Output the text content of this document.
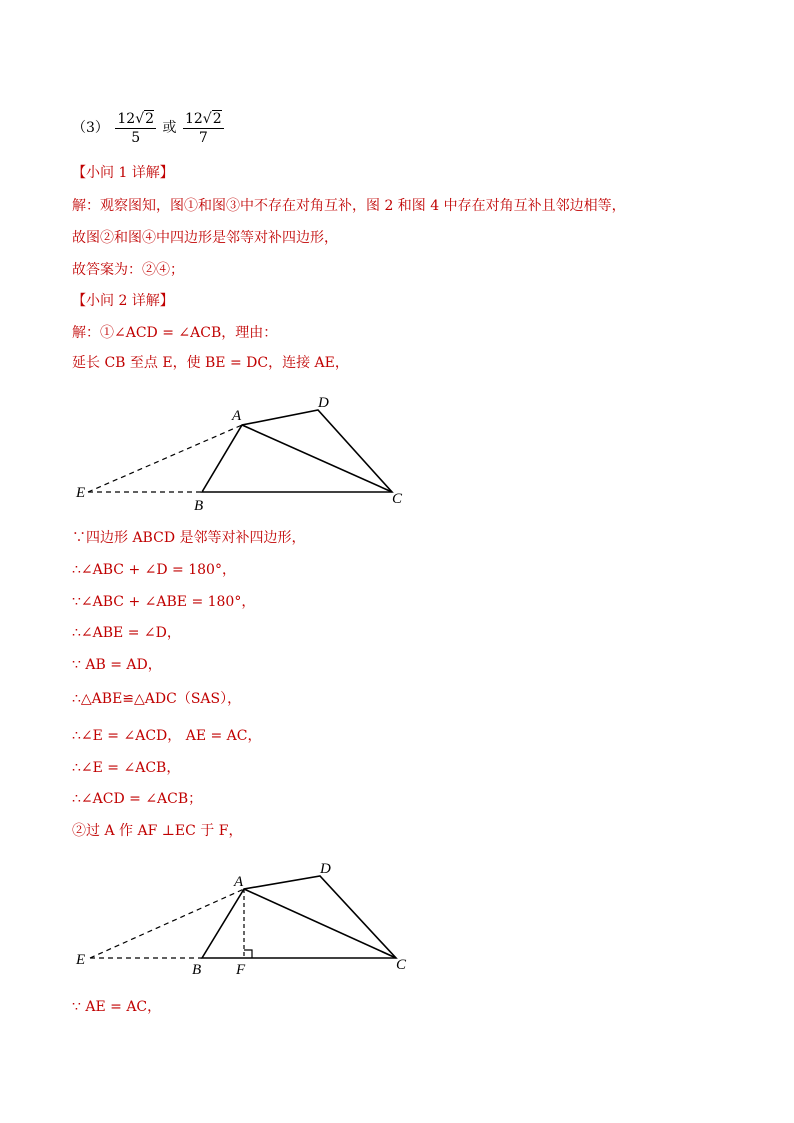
$(3) \frac{12√2}{5}$ 或 $\frac{12√2}{7}$
【小问 1 详解】
解：观察图知，图①和图③中不存在对角互补，图 2 和图 4 中存在对角互补且邻边相等，
故图②和图④中四边形是邻等对补四边形，
故答案为：②④；
【小问 2 详解】
解：①∠ACD = ∠ACB，理由：
延长 CB 至点 E，使 BE = DC，连接 AE，
A
D
E
B	C
∵四边形 ABCD 是邻等对补四边形，
∴∠ABC + ∠D = 180°，
∵∠ABC + ∠ABE = 180°，
∴∠ABE = ∠D，
∵ AB = AD，
∴△ABE≌△ADC（SAS），
∴∠E = ∠ACD， AE = AC，
∴∠E = ∠ACB，
∴∠ACD = ∠ACB；
②过 A 作 AF ⊥EC 于 F，
A
D
E
B F	C
∵ AE = AC，
